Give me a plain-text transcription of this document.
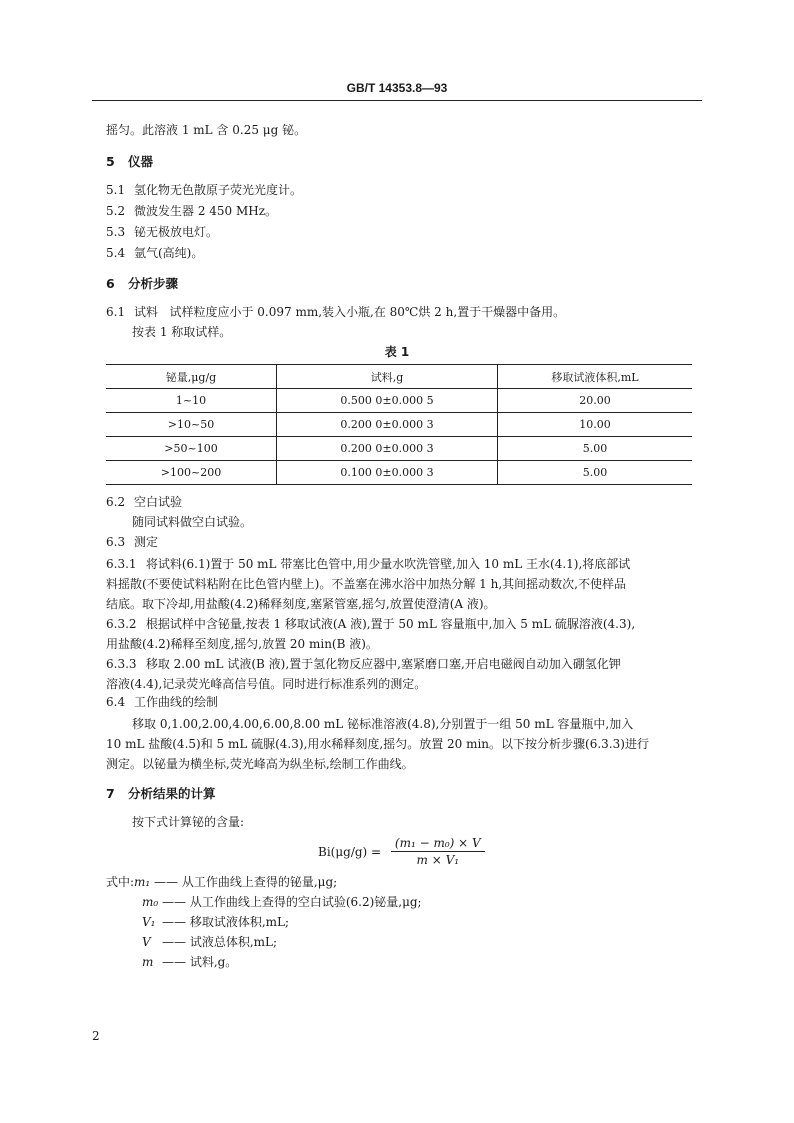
GB/T 14353.8—93
摇匀。此溶液 1 mL 含 0.25 μg 铋。
5 仪器
5.1 氢化物无色散原子荧光光度计。
5.2 微波发生器 2 450 MHz。
5.3 铋无极放电灯。
5.4 氩气(高纯)。
6 分析步骤
6.1 试料 试样粒度应小于 0.097 mm,装入小瓶,在 80℃烘 2 h,置于干燥器中备用。
按表 1 称取试样。
表 1
铋量,μg/g	试料,g	移取试液体积,mL
1~10	0.500 0±0.000 5	20.00
>10~50	0.200 0±0.000 3	10.00
>50~100	0.200 0±0.000 3	5.00
>100~200	0.100 0±0.000 3	5.00
6.2 空白试验
随同试料做空白试验。
6.3 测定
6.3.1 将试料(6.1)置于 50 mL 带塞比色管中,用少量水吹洗管壁,加入 10 mL 王水(4.1),将底部试
料摇散(不要使试料粘附在比色管内壁上)。不盖塞在沸水浴中加热分解 1 h,其间摇动数次,不使样品
结底。取下冷却,用盐酸(4.2)稀释刻度,塞紧管塞,摇匀,放置使澄清(A 液)。
6.3.2 根据试样中含铋量,按表 1 移取试液(A 液),置于 50 mL 容量瓶中,加入 5 mL 硫脲溶液(4.3),
用盐酸(4.2)稀释至刻度,摇匀,放置 20 min(B 液)。
6.3.3 移取 2.00 mL 试液(B 液),置于氢化物反应器中,塞紧磨口塞,开启电磁阀自动加入硼氢化钾
溶液(4.4),记录荧光峰高信号值。同时进行标准系列的测定。
6.4 工作曲线的绘制
移取 0,1.00,2.00,4.00,6.00,8.00 mL 铋标准溶液(4.8),分别置于一组 50 mL 容量瓶中,加入
10 mL 盐酸(4.5)和 5 mL 硫脲(4.3),用水稀释刻度,摇匀。放置 20 min。以下按分析步骤(6.3.3)进行
测定。以铋量为横坐标,荧光峰高为纵坐标,绘制工作曲线。
7 分析结果的计算
按下式计算铋的含量:
$Bi(\mu g/g) = \frac{\text{(m₁ − m₀) × V}}{\text{m × V₁}}$
式中:m₁ —— 从工作曲线上查得的铋量,μg;
m₀ —— 从工作曲线上查得的空白试验(6.2)铋量,μg;
V₁ —— 移取试液体积,mL;
V —— 试液总体积,mL;
m —— 试料,g。
2
